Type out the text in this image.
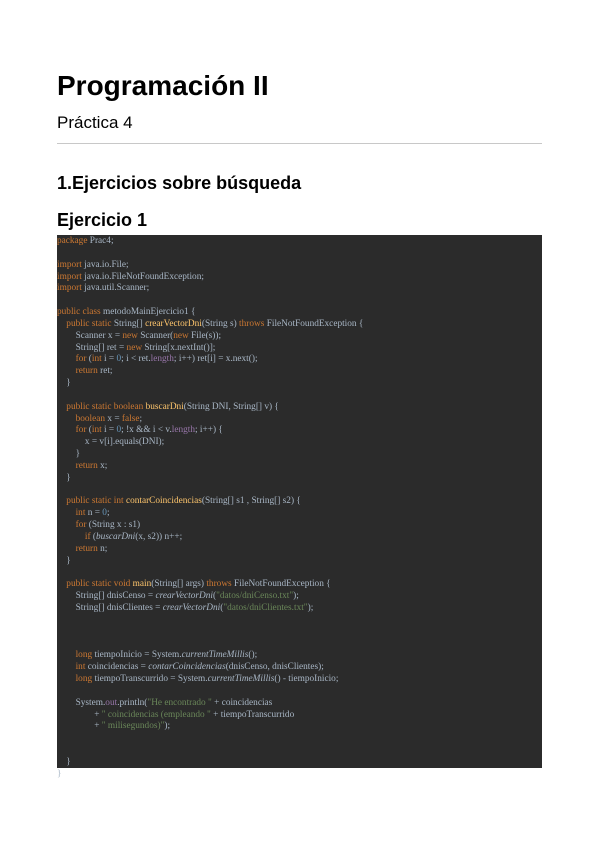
Programación II

Práctica 4

1.Ejercicios sobre búsqueda
Ejercicio 1
package Prac4;
import java.io.File;
import java.io.FileNotFoundException;
import java.util.Scanner;
public class metodoMainEjercicio1 {
public static String[] crearVectorDni(String s) throws FileNotFoundException {
Scanner x = new Scanner(new File(s));
String[] ret = new String[x.nextInt()];
for (int i = 0; i < ret.length; i++) ret[i] = x.next();
return ret;
}
public static boolean buscarDni(String DNI, String[] v) {
boolean x = false;
for (int i = 0; !x && i < v.length; i++) {
x = v[i].equals(DNI);
}
return x;
}
public static int contarCoincidencias(String[] s1 , String[] s2) {
int n = 0;
for (String x : s1)
if (buscarDni(x, s2)) n++;
return n;
}
public static void main(String[] args) throws FileNotFoundException {
String[] dnisCenso = crearVectorDni("datos/dniCenso.txt");
String[] dnisClientes = crearVectorDni("datos/dniClientes.txt");
long tiempoInicio = System.currentTimeMillis();
int coincidencias = contarCoincidencias(dnisCenso, dnisClientes);
long tiempoTranscurrido = System.currentTimeMillis() - tiempoInicio;
System.out.println("He encontrado " + coincidencias
+ " coincidencias (empleando " + tiempoTranscurrido
+ " milisegundos)");
}
}
